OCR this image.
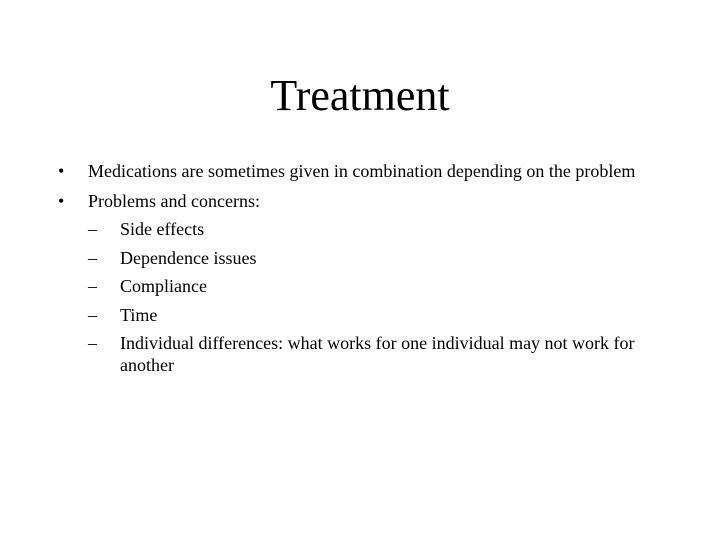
Treatment
• Medications are sometimes given in combination depending on the problem
• Problems and concerns:
– Side effects
– Dependence issues
– Compliance
– Time
– Individual differences: what works for one individual may not work for another
